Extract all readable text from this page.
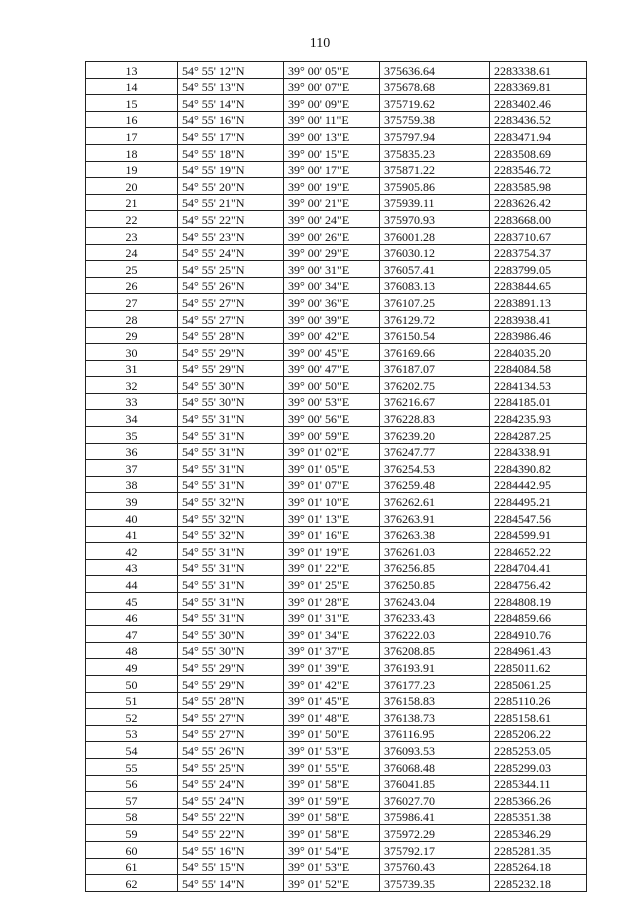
110
13	54° 55' 12"N	39° 00' 05"E	375636.64	2283338.61
14	54° 55' 13"N	39° 00' 07"E	375678.68	2283369.81
15	54° 55' 14"N	39° 00' 09"E	375719.62	2283402.46
16	54° 55' 16"N	39° 00' 11"E	375759.38	2283436.52
17	54° 55' 17"N	39° 00' 13"E	375797.94	2283471.94
18	54° 55' 18"N	39° 00' 15"E	375835.23	2283508.69
19	54° 55' 19"N	39° 00' 17"E	375871.22	2283546.72
20	54° 55' 20"N	39° 00' 19"E	375905.86	2283585.98
21	54° 55' 21"N	39° 00' 21"E	375939.11	2283626.42
22	54° 55' 22"N	39° 00' 24"E	375970.93	2283668.00
23	54° 55' 23"N	39° 00' 26"E	376001.28	2283710.67
24	54° 55' 24"N	39° 00' 29"E	376030.12	2283754.37
25	54° 55' 25"N	39° 00' 31"E	376057.41	2283799.05
26	54° 55' 26"N	39° 00' 34"E	376083.13	2283844.65
27	54° 55' 27"N	39° 00' 36"E	376107.25	2283891.13
28	54° 55' 27"N	39° 00' 39"E	376129.72	2283938.41
29	54° 55' 28"N	39° 00' 42"E	376150.54	2283986.46
30	54° 55' 29"N	39° 00' 45"E	376169.66	2284035.20
31	54° 55' 29"N	39° 00' 47"E	376187.07	2284084.58
32	54° 55' 30"N	39° 00' 50"E	376202.75	2284134.53
33	54° 55' 30"N	39° 00' 53"E	376216.67	2284185.01
34	54° 55' 31"N	39° 00' 56"E	376228.83	2284235.93
35	54° 55' 31"N	39° 00' 59"E	376239.20	2284287.25
36	54° 55' 31"N	39° 01' 02"E	376247.77	2284338.91
37	54° 55' 31"N	39° 01' 05"E	376254.53	2284390.82
38	54° 55' 31"N	39° 01' 07"E	376259.48	2284442.95
39	54° 55' 32"N	39° 01' 10"E	376262.61	2284495.21
40	54° 55' 32"N	39° 01' 13"E	376263.91	2284547.56
41	54° 55' 32"N	39° 01' 16"E	376263.38	2284599.91
42	54° 55' 31"N	39° 01' 19"E	376261.03	2284652.22
43	54° 55' 31"N	39° 01' 22"E	376256.85	2284704.41
44	54° 55' 31"N	39° 01' 25"E	376250.85	2284756.42
45	54° 55' 31"N	39° 01' 28"E	376243.04	2284808.19
46	54° 55' 31"N	39° 01' 31"E	376233.43	2284859.66
47	54° 55' 30"N	39° 01' 34"E	376222.03	2284910.76
48	54° 55' 30"N	39° 01' 37"E	376208.85	2284961.43
49	54° 55' 29"N	39° 01' 39"E	376193.91	2285011.62
50	54° 55' 29"N	39° 01' 42"E	376177.23	2285061.25
51	54° 55' 28"N	39° 01' 45"E	376158.83	2285110.26
52	54° 55' 27"N	39° 01' 48"E	376138.73	2285158.61
53	54° 55' 27"N	39° 01' 50"E	376116.95	2285206.22
54	54° 55' 26"N	39° 01' 53"E	376093.53	2285253.05
55	54° 55' 25"N	39° 01' 55"E	376068.48	2285299.03
56	54° 55' 24"N	39° 01' 58"E	376041.85	2285344.11
57	54° 55' 24"N	39° 01' 59"E	376027.70	2285366.26
58	54° 55' 22"N	39° 01' 58"E	375986.41	2285351.38
59	54° 55' 22"N	39° 01' 58"E	375972.29	2285346.29
60	54° 55' 16"N	39° 01' 54"E	375792.17	2285281.35
61	54° 55' 15"N	39° 01' 53"E	375760.43	2285264.18
62	54° 55' 14"N	39° 01' 52"E	375739.35	2285232.18
